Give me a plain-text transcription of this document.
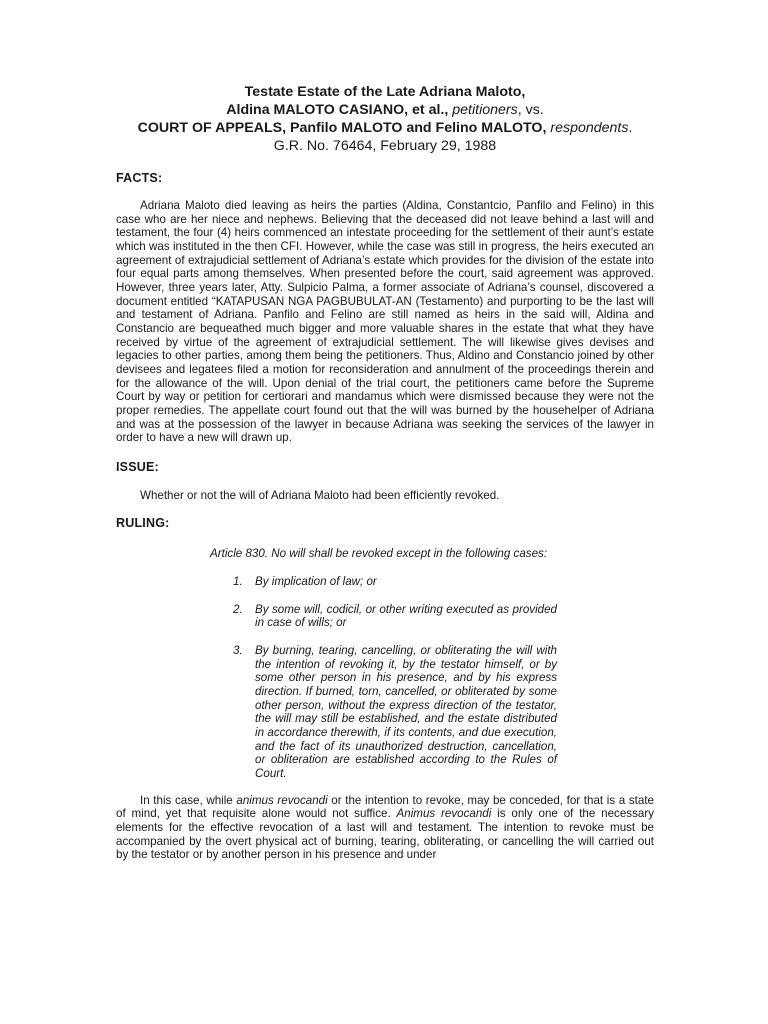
Testate Estate of the Late Adriana Maloto,
Aldina MALOTO CASIANO, et al., petitioners, vs.
COURT OF APPEALS, Panfilo MALOTO and Felino MALOTO, respondents.
G.R. No. 76464, February 29, 1988

FACTS:

Adriana Maloto died leaving as heirs the parties (Aldina, Constantcio, Panfilo and Felino) in this case who are her niece and nephews. Believing that the deceased did not leave behind a last will and testament, the four (4) heirs commenced an intestate proceeding for the settlement of their aunt’s estate which was instituted in the then CFI. However, while the case was still in progress, the heirs executed an agreement of extrajudicial settlement of Adriana’s estate which provides for the division of the estate into four equal parts among themselves. When presented before the court, said agreement was approved. However, three years later, Atty. Sulpicio Palma, a former associate of Adriana’s counsel, discovered a document entitled “KATAPUSAN NGA PAGBUBULAT-AN (Testamento) and purporting to be the last will and testament of Adriana. Panfilo and Felino are still named as heirs in the said will, Aldina and Constancio are bequeathed much bigger and more valuable shares in the estate that what they have received by virtue of the agreement of extrajudicial settlement. The will likewise gives devises and legacies to other parties, among them being the petitioners. Thus, Aldino and Constancio joined by other devisees and legatees filed a motion for reconsideration and annulment of the proceedings therein and for the allowance of the will. Upon denial of the trial court, the petitioners came before the Supreme Court by way or petition for certiorari and mandamus which were dismissed because they were not the proper remedies. The appellate court found out that the will was burned by the househelper of Adriana and was at the possession of the lawyer in because Adriana was seeking the services of the lawyer in order to have a new will drawn up.

ISSUE:

Whether or not the will of Adriana Maloto had been efficiently revoked.

RULING:

Article 830. No will shall be revoked except in the following cases:

1.	By implication of law; or
2.	By some will, codicil, or other writing executed as provided in case of wills; or
3.	By burning, tearing, cancelling, or obliterating the will with the intention of revoking it, by the testator himself, or by some other person in his presence, and by his express direction. If burned, torn, cancelled, or obliterated by some other person, without the express direction of the testator, the will may still be established, and the estate distributed in accordance therewith, if its contents, and due execution, and the fact of its unauthorized destruction, cancellation, or obliteration are established according to the Rules of Court.

In this case, while animus revocandi or the intention to revoke, may be conceded, for that is a state of mind, yet that requisite alone would not suffice. Animus revocandi is only one of the necessary elements for the effective revocation of a last will and testament. The intention to revoke must be accompanied by the overt physical act of burning, tearing, obliterating, or cancelling the will carried out by the testator or by another person in his presence and under
